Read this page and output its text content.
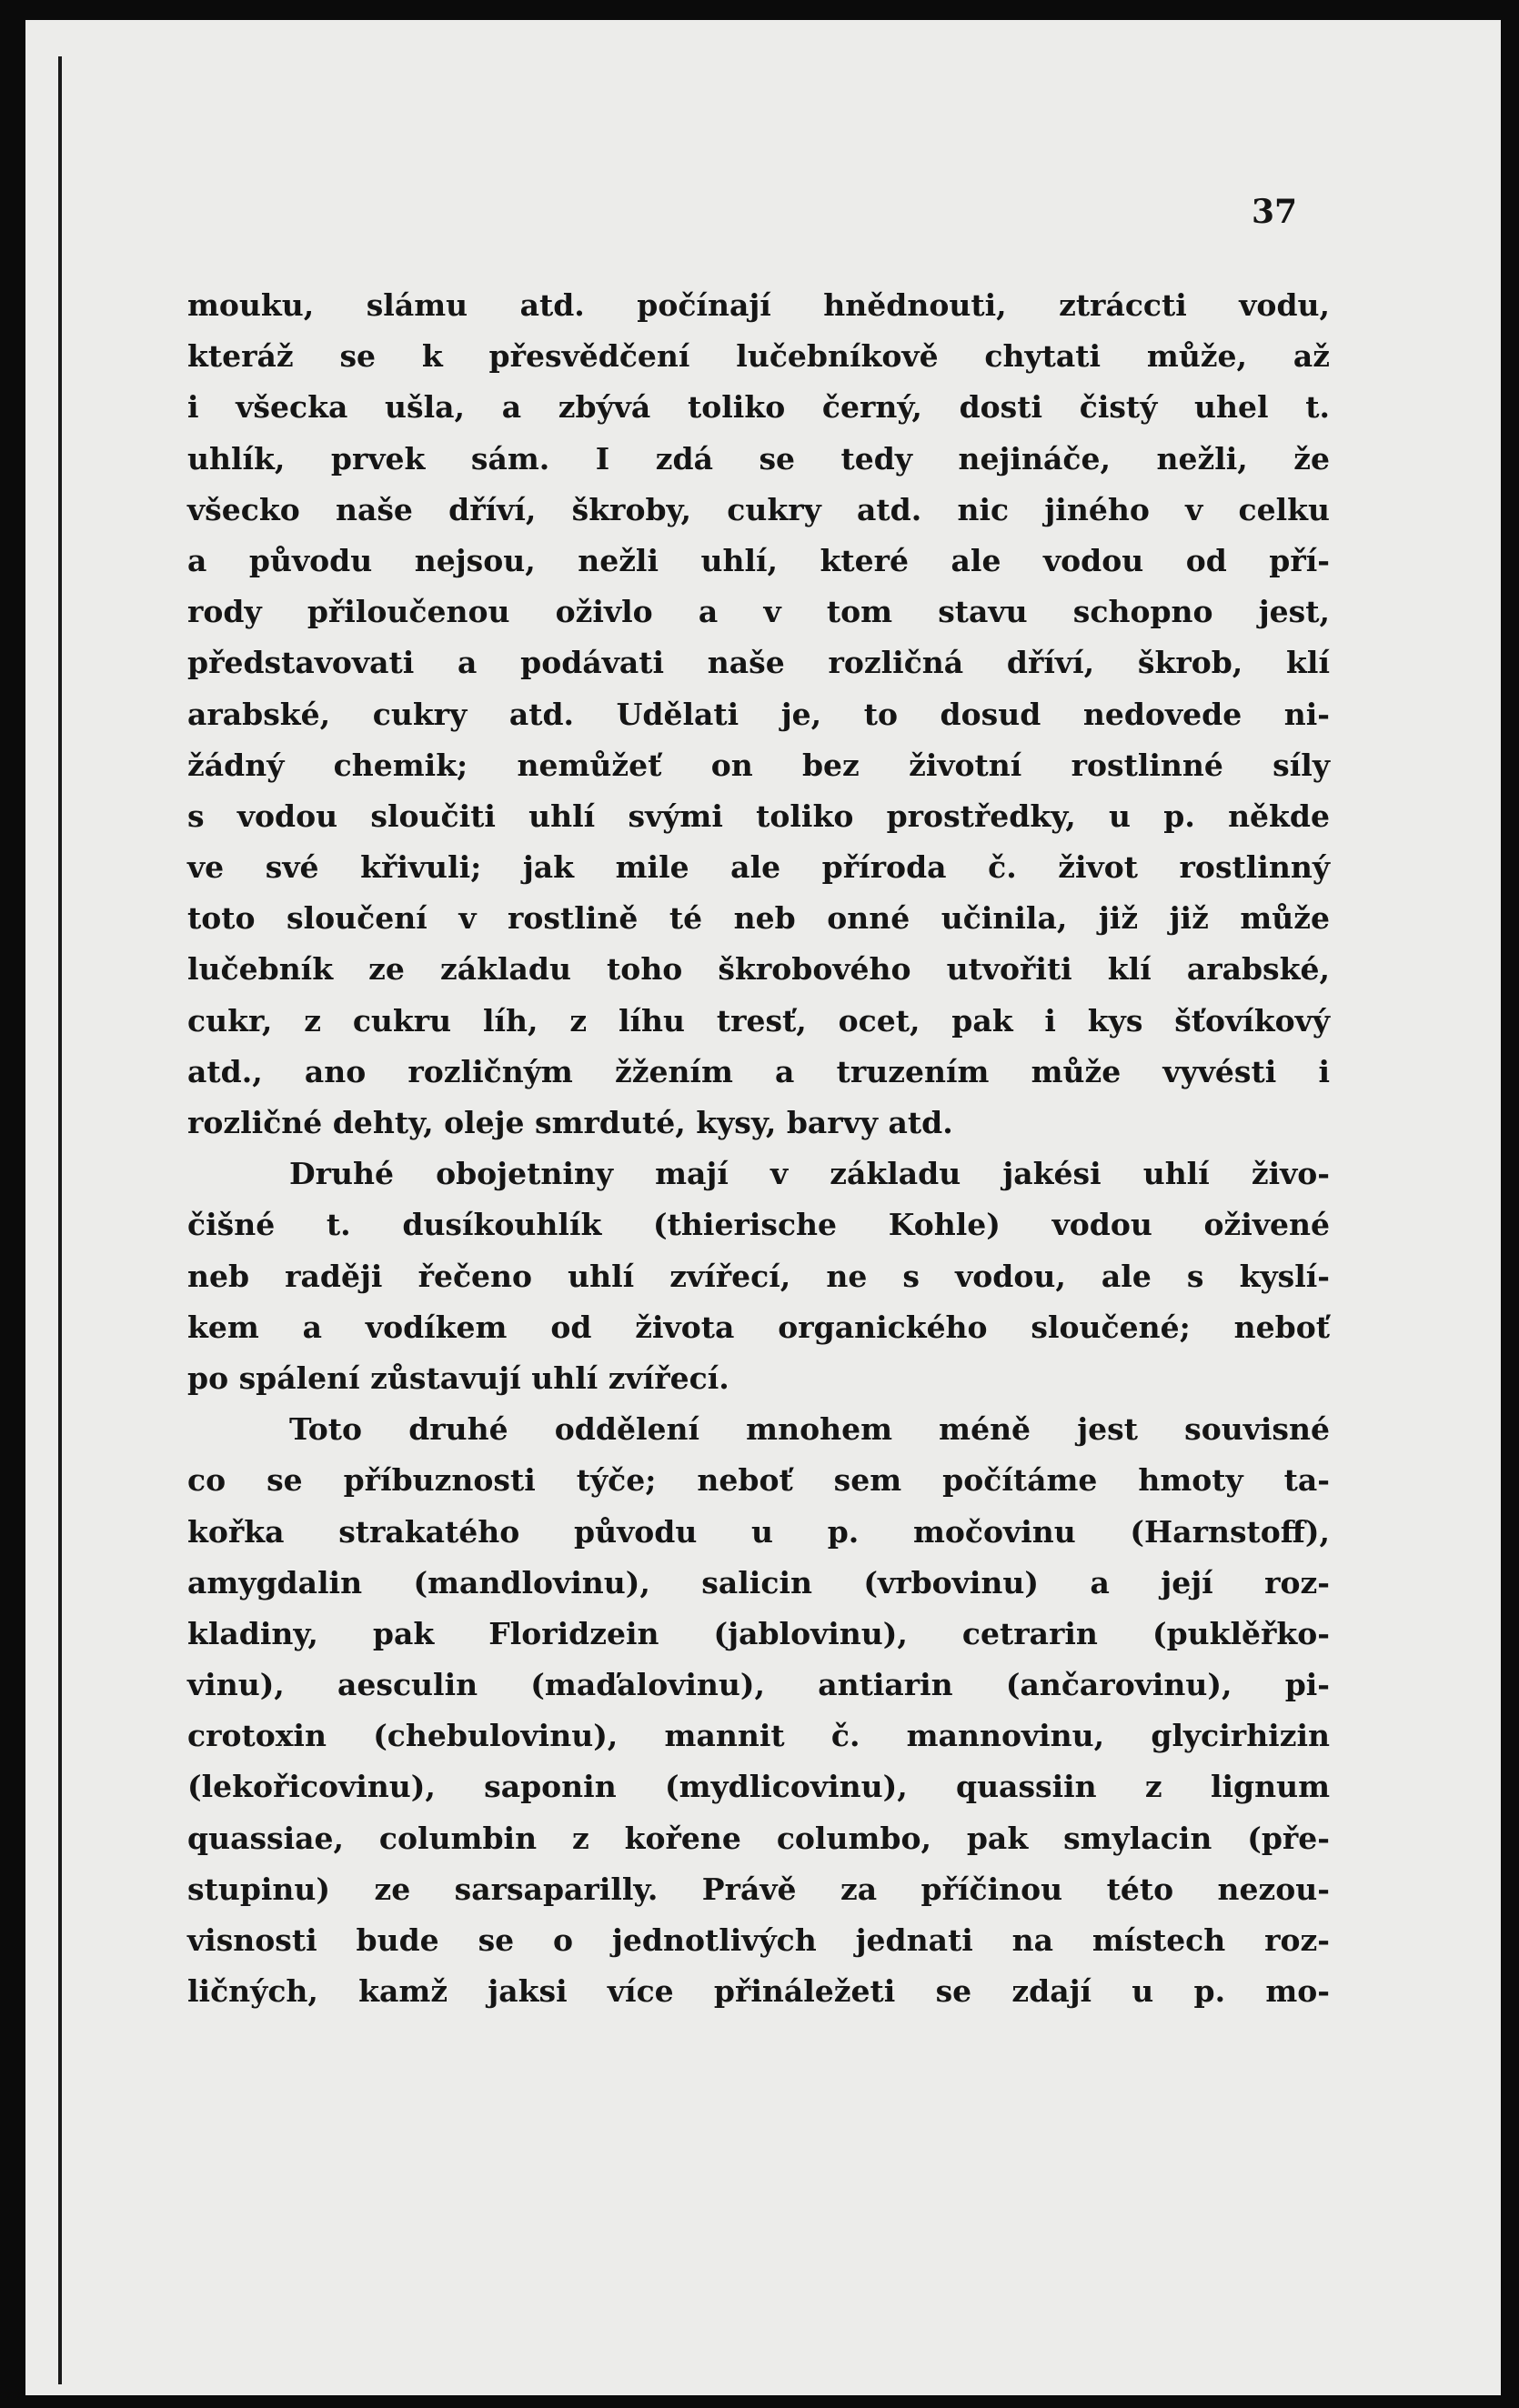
37
mouku, slámu atd. počínají hnědnouti, ztráccti vodu,
kteráž se k přesvědčení lučebníkově chytati může, až
i všecka ušla, a zbývá toliko černý, dosti čistý uhel t.
uhlík, prvek sám. I zdá se tedy nejináče, nežli, že
všecko naše dříví, škroby, cukry atd. nic jiného v celku
a původu nejsou, nežli uhlí, které ale vodou od pří-
rody přiloučenou oživlo a v tom stavu schopno jest,
představovati a podávati naše rozličná dříví, škrob, klí
arabské, cukry atd. Udělati je, to dosud nedovede ni-
žádný chemik; nemůžeť on bez životní rostlinné síly
s vodou sloučiti uhlí svými toliko prostředky, u p. někde
ve své křivuli; jak mile ale příroda č. život rostlinný
toto sloučení v rostlině té neb onné učinila, již již může
lučebník ze základu toho škrobového utvořiti klí arabské,
cukr, z cukru líh, z líhu tresť, ocet, pak i kys šťovíkový
atd., ano rozličným žžením a truzením může vyvésti i
rozličné dehty, oleje smrduté, kysy, barvy atd.
Druhé obojetniny mají v základu jakési uhlí živo-
čišné t. dusíkouhlík (thierische Kohle) vodou oživené
neb raději řečeno uhlí zvířecí, ne s vodou, ale s kyslí-
kem a vodíkem od života organického sloučené; neboť
po spálení zůstavují uhlí zvířecí.
Toto druhé oddělení mnohem méně jest souvisné
co se příbuznosti týče; neboť sem počítáme hmoty ta-
kořka strakatého původu u p. močovinu (Harnstoff),
amygdalin (mandlovinu), salicin (vrbovinu) a její roz-
kladiny, pak Floridzein (jablovinu), cetrarin (puklěřko-
vinu), aesculin (maďalovinu), antiarin (ančarovinu), pi-
crotoxin (chebulovinu), mannit č. mannovinu, glycirhizin
(lekořicovinu), saponin (mydlicovinu), quassiin z lignum
quassiae, columbin z kořene columbo, pak smylacin (pře-
stupinu) ze sarsaparilly. Právě za příčinou této nezou-
visnosti bude se o jednotlivých jednati na místech roz-
ličných, kamž jaksi více přináležeti se zdají u p. mo-
